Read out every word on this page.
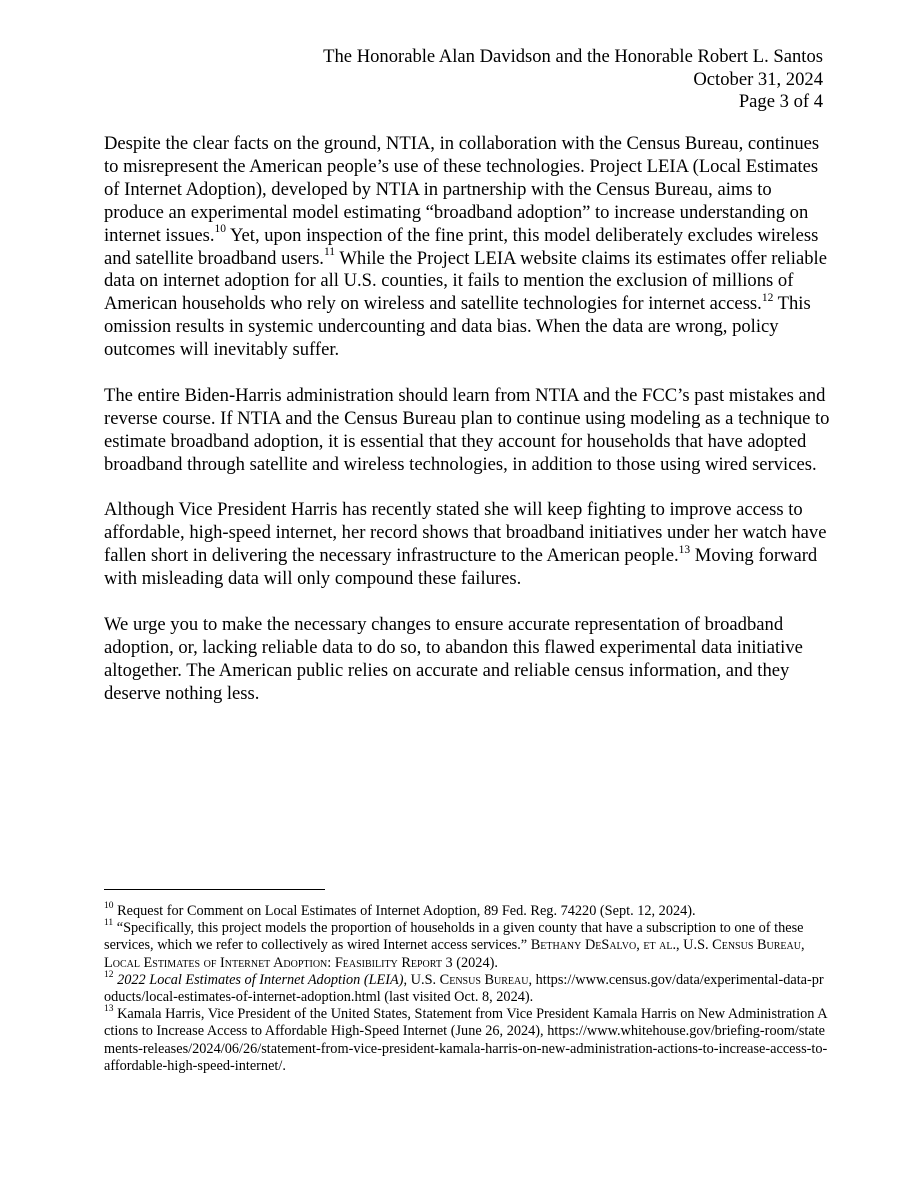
The Honorable Alan Davidson and the Honorable Robert L. Santos
October 31, 2024
Page 3 of 4

Despite the clear facts on the ground, NTIA, in collaboration with the Census Bureau, continues to misrepresent the American people’s use of these technologies. Project LEIA (Local Estimates of Internet Adoption), developed by NTIA in partnership with the Census Bureau, aims to produce an experimental model estimating “broadband adoption” to increase understanding on internet issues.$^{10}$ Yet, upon inspection of the fine print, this model deliberately excludes wireless and satellite broadband users.$^{11}$ While the Project LEIA website claims its estimates offer reliable data on internet adoption for all U.S. counties, it fails to mention the exclusion of millions of American households who rely on wireless and satellite technologies for internet access.$^{12}$ This omission results in systemic undercounting and data bias. When the data are wrong, policy outcomes will inevitably suffer.

The entire Biden-Harris administration should learn from NTIA and the FCC’s past mistakes and reverse course. If NTIA and the Census Bureau plan to continue using modeling as a technique to estimate broadband adoption, it is essential that they account for households that have adopted broadband through satellite and wireless technologies, in addition to those using wired services.

Although Vice President Harris has recently stated she will keep fighting to improve access to affordable, high-speed internet, her record shows that broadband initiatives under her watch have fallen short in delivering the necessary infrastructure to the American people.$^{13}$ Moving forward with misleading data will only compound these failures.

We urge you to make the necessary changes to ensure accurate representation of broadband adoption, or, lacking reliable data to do so, to abandon this flawed experimental data initiative altogether. The American public relies on accurate and reliable census information, and they deserve nothing less.

$^{10}$ Request for Comment on Local Estimates of Internet Adoption, 89 Fed. Reg. 74220 (Sept. 12, 2024).

$^{11}$ “Specifically, this project models the proportion of households in a given county that have a subscription to one of these services, which we refer to collectively as wired Internet access services.” Bethany DeSalvo, et al., U.S. Census Bureau, Local Estimates of Internet Adoption: Feasibility Report 3 (2024).

$^{12}$ 2022 Local Estimates of Internet Adoption (LEIA), U.S. Census Bureau, https://www.census.gov/data/experimental-data-products/local-estimates-of-internet-adoption.html (last visited Oct. 8, 2024).

$^{13}$ Kamala Harris, Vice President of the United States, Statement from Vice President Kamala Harris on New Administration Actions to Increase Access to Affordable High-Speed Internet (June 26, 2024), https://www.whitehouse.gov/briefing-room/statements-releases/2024/06/26/statement-from-vice-president-kamala-harris-on-new-administration-actions-to-increase-access-to-affordable-high-speed-internet/.
